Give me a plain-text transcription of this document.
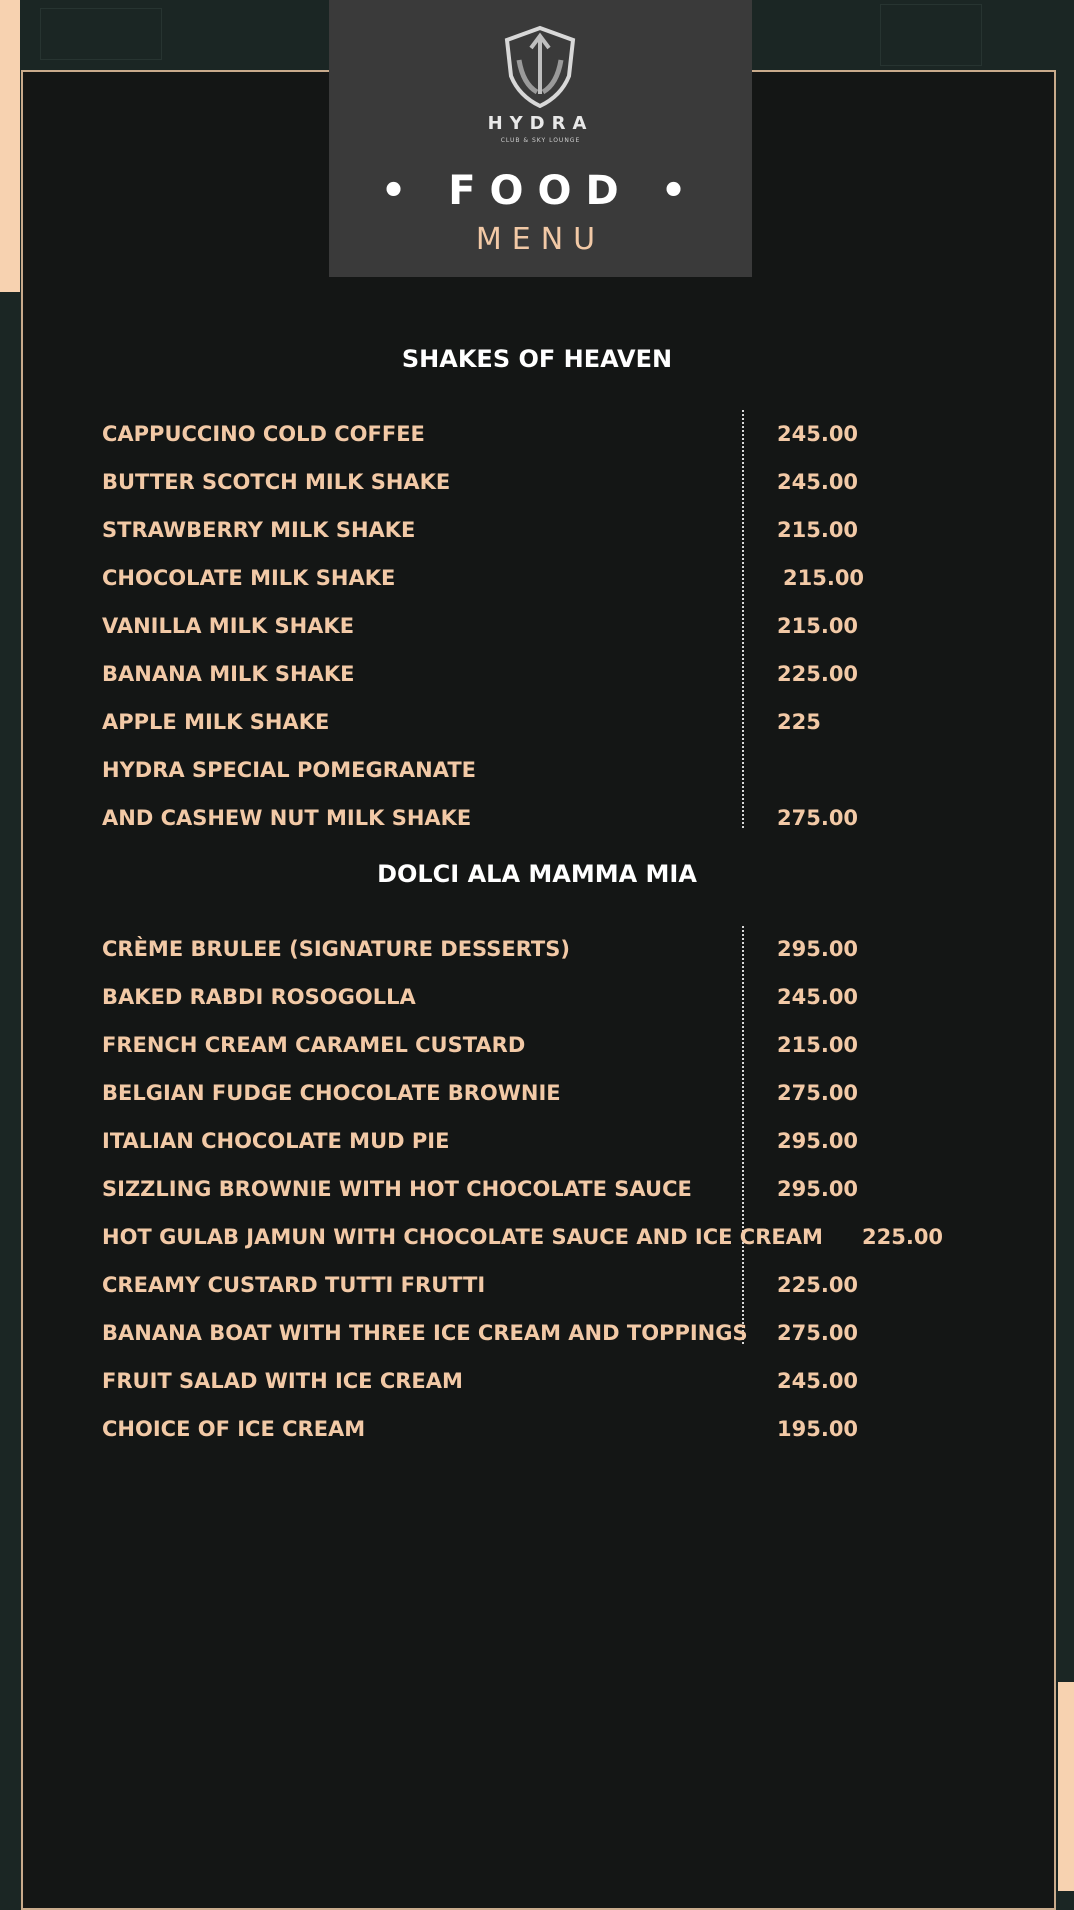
HYDRA
CLUB & SKY LOUNGE
• FOOD •
MENU
SHAKES OF HEAVEN
CAPPUCCINO COLD COFFEE	245.00
BUTTER SCOTCH MILK SHAKE	245.00
STRAWBERRY MILK SHAKE	215.00
CHOCOLATE MILK SHAKE	215.00
VANILLA MILK SHAKE	215.00
BANANA MILK SHAKE	225.00
APPLE MILK SHAKE	225
HYDRA SPECIAL POMEGRANATE
AND CASHEW NUT MILK SHAKE	275.00
DOLCI ALA MAMMA MIA
CRÈME BRULEE (SIGNATURE DESSERTS)	295.00
BAKED RABDI ROSOGOLLA	245.00
FRENCH CREAM CARAMEL CUSTARD	215.00
BELGIAN FUDGE CHOCOLATE BROWNIE	275.00
ITALIAN CHOCOLATE MUD PIE	295.00
SIZZLING BROWNIE WITH HOT CHOCOLATE SAUCE	295.00
HOT GULAB JAMUN WITH CHOCOLATE SAUCE AND ICE CREAM 225.00
CREAMY CUSTARD TUTTI FRUTTI	225.00
BANANA BOAT WITH THREE ICE CREAM AND TOPPINGS 275.00
FRUIT SALAD WITH ICE CREAM	245.00
CHOICE OF ICE CREAM	195.00
